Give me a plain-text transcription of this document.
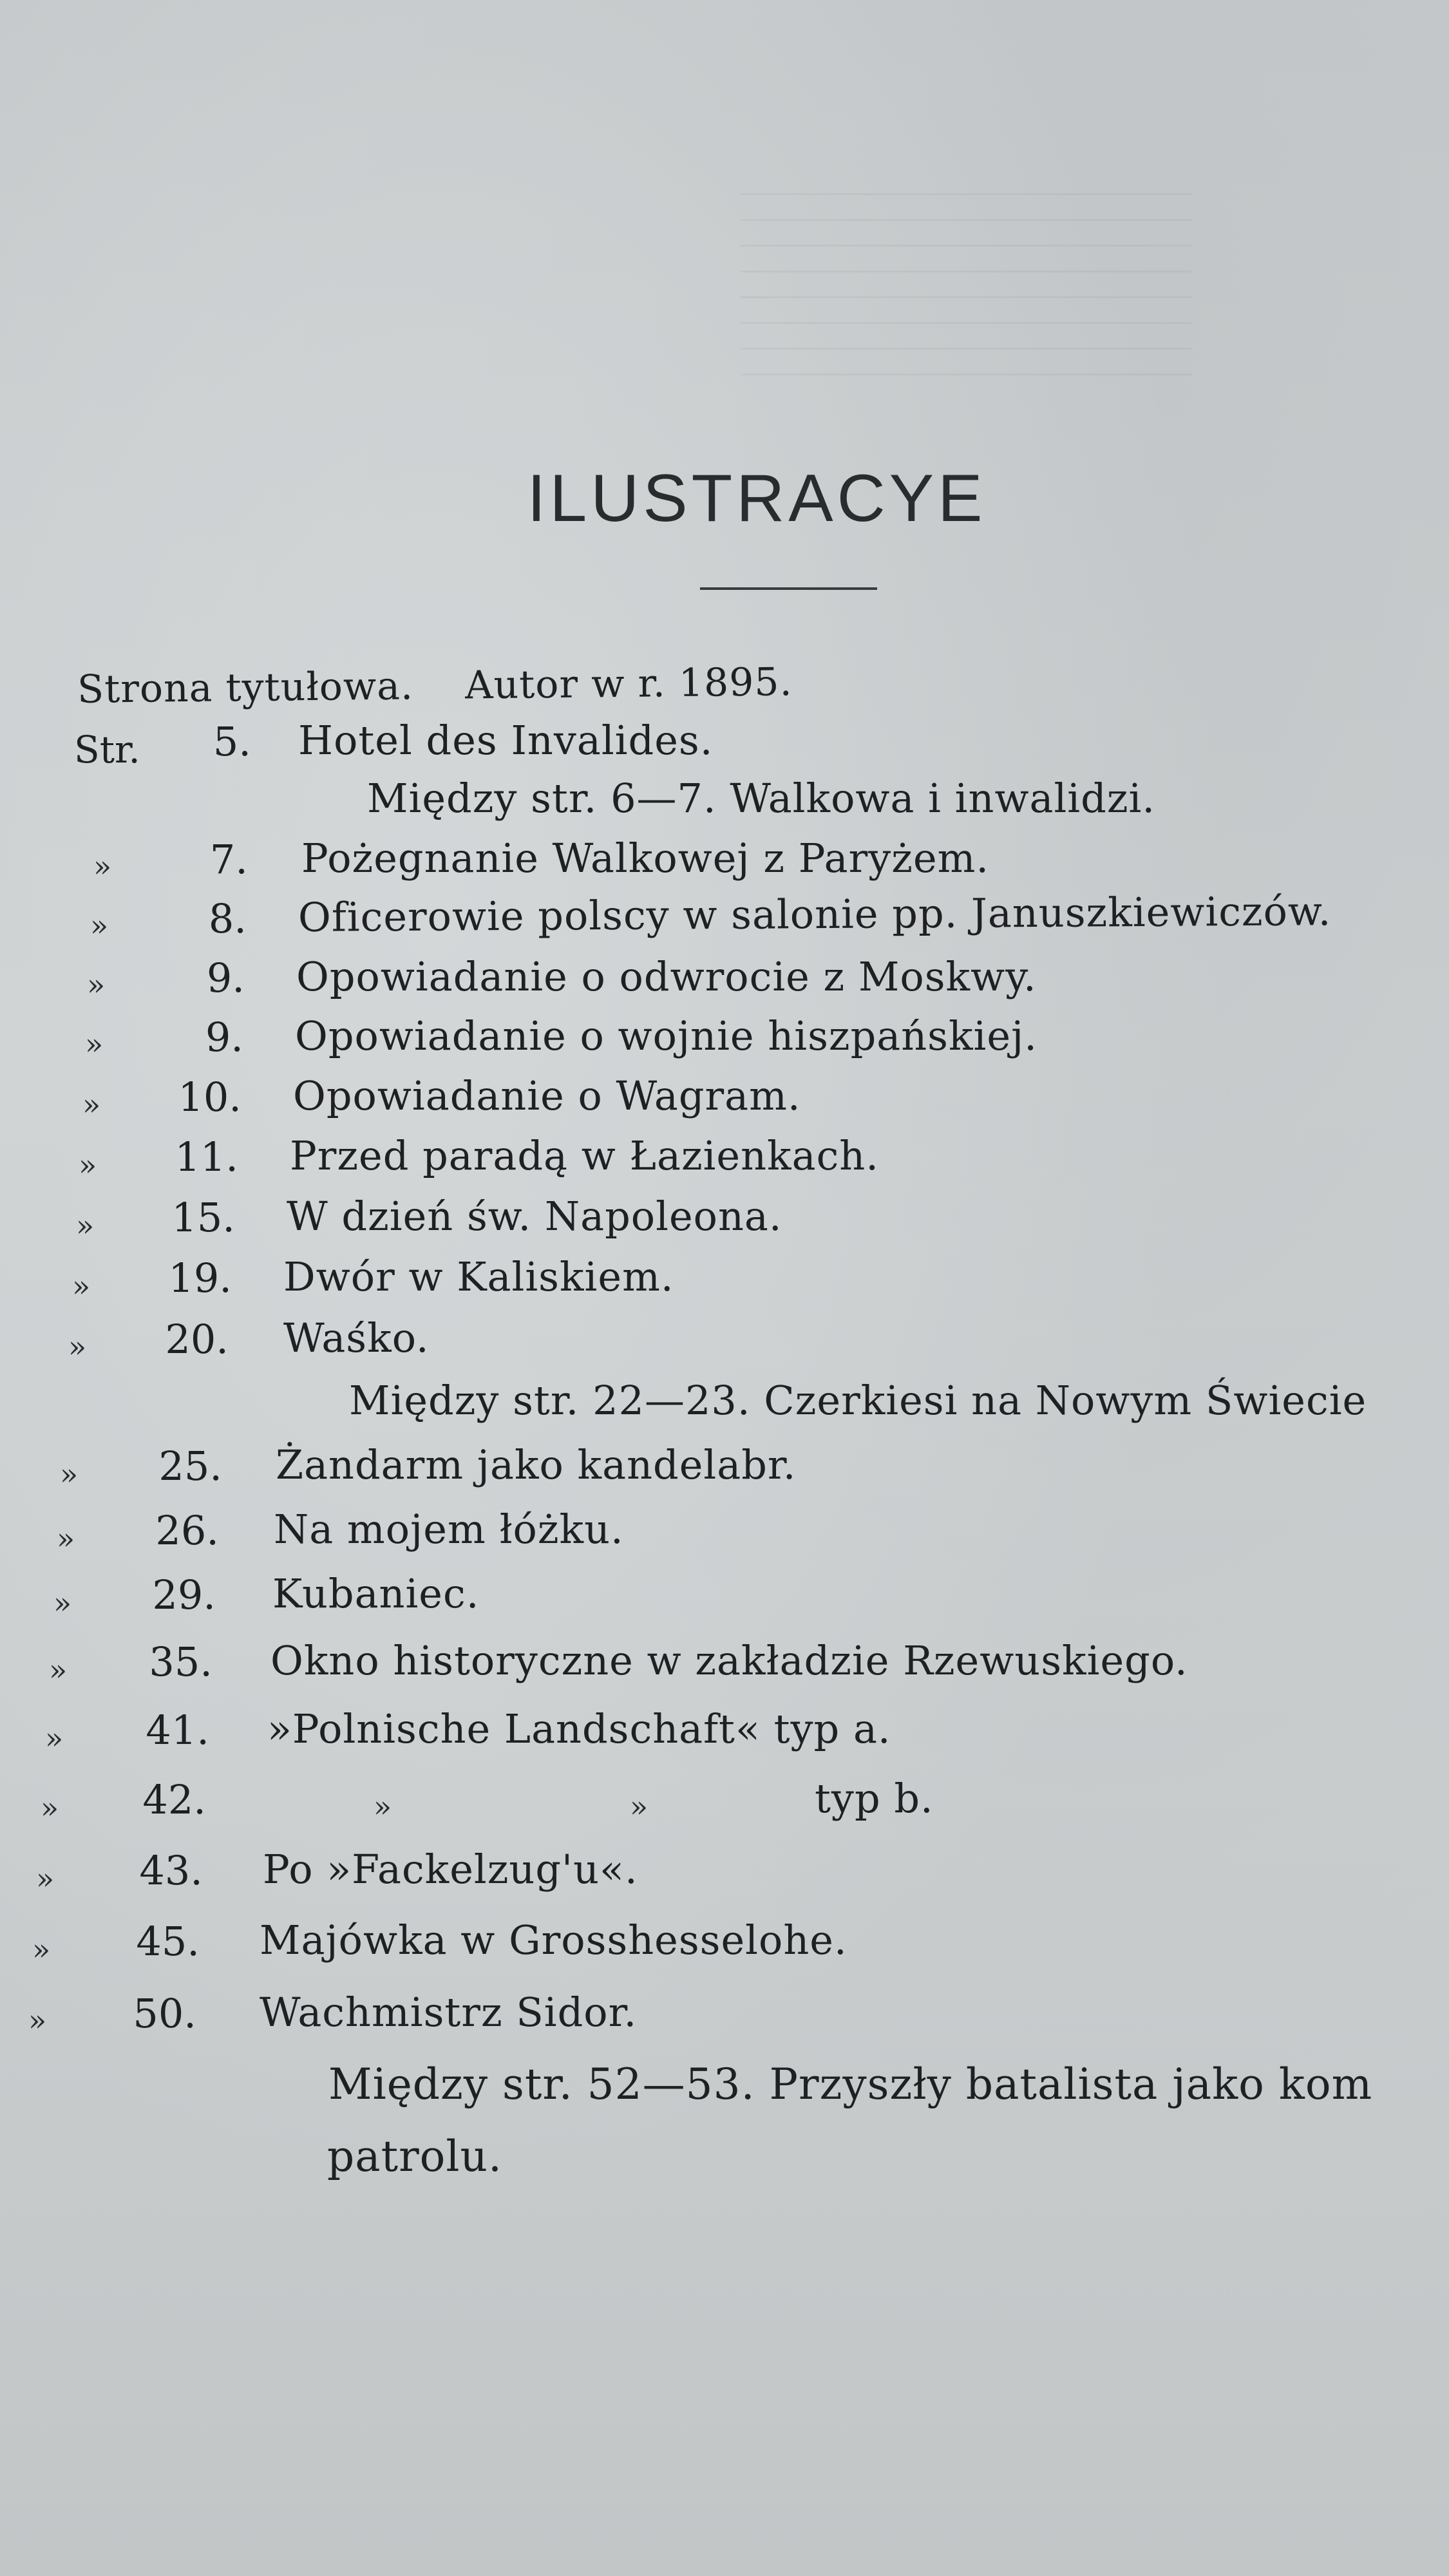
ILUSTRACYE
Strona tytułowa. Autor w r. 1895.
Str.	5. Hotel des Invalides.
Między str. 6—7. Walkowa i inwalidzi.
»	7. Pożegnanie Walkowej z Paryżem.
»	8. Oficerowie polscy w salonie pp. Januszkiewiczów.
»	9. Opowiadanie o odwrocie z Moskwy.
»	9. Opowiadanie o wojnie hiszpańskiej.
»	10. Opowiadanie o Wagram.
»	11. Przed paradą w Łazienkach.
»	15. W dzień św. Napoleona.
»	19. Dwór w Kaliskiem.
»	20. Waśko.
Między str. 22—23. Czerkiesi na Nowym Świecie
»	25. Żandarm jako kandelabr.
»	26. Na mojem łóżku.
»	29. Kubaniec.
»	35. Okno historyczne w zakładzie Rzewuskiego.
»	41. »Polnische Landschaft« typ a.
»	42.	»	»	typ b.
»	43. Po »Fackelzug'u«.
»	45. Majówka w Grosshesselohe.
»	50. Wachmistrz Sidor.
Między str. 52—53. Przyszły batalista jako kom
patrolu.
